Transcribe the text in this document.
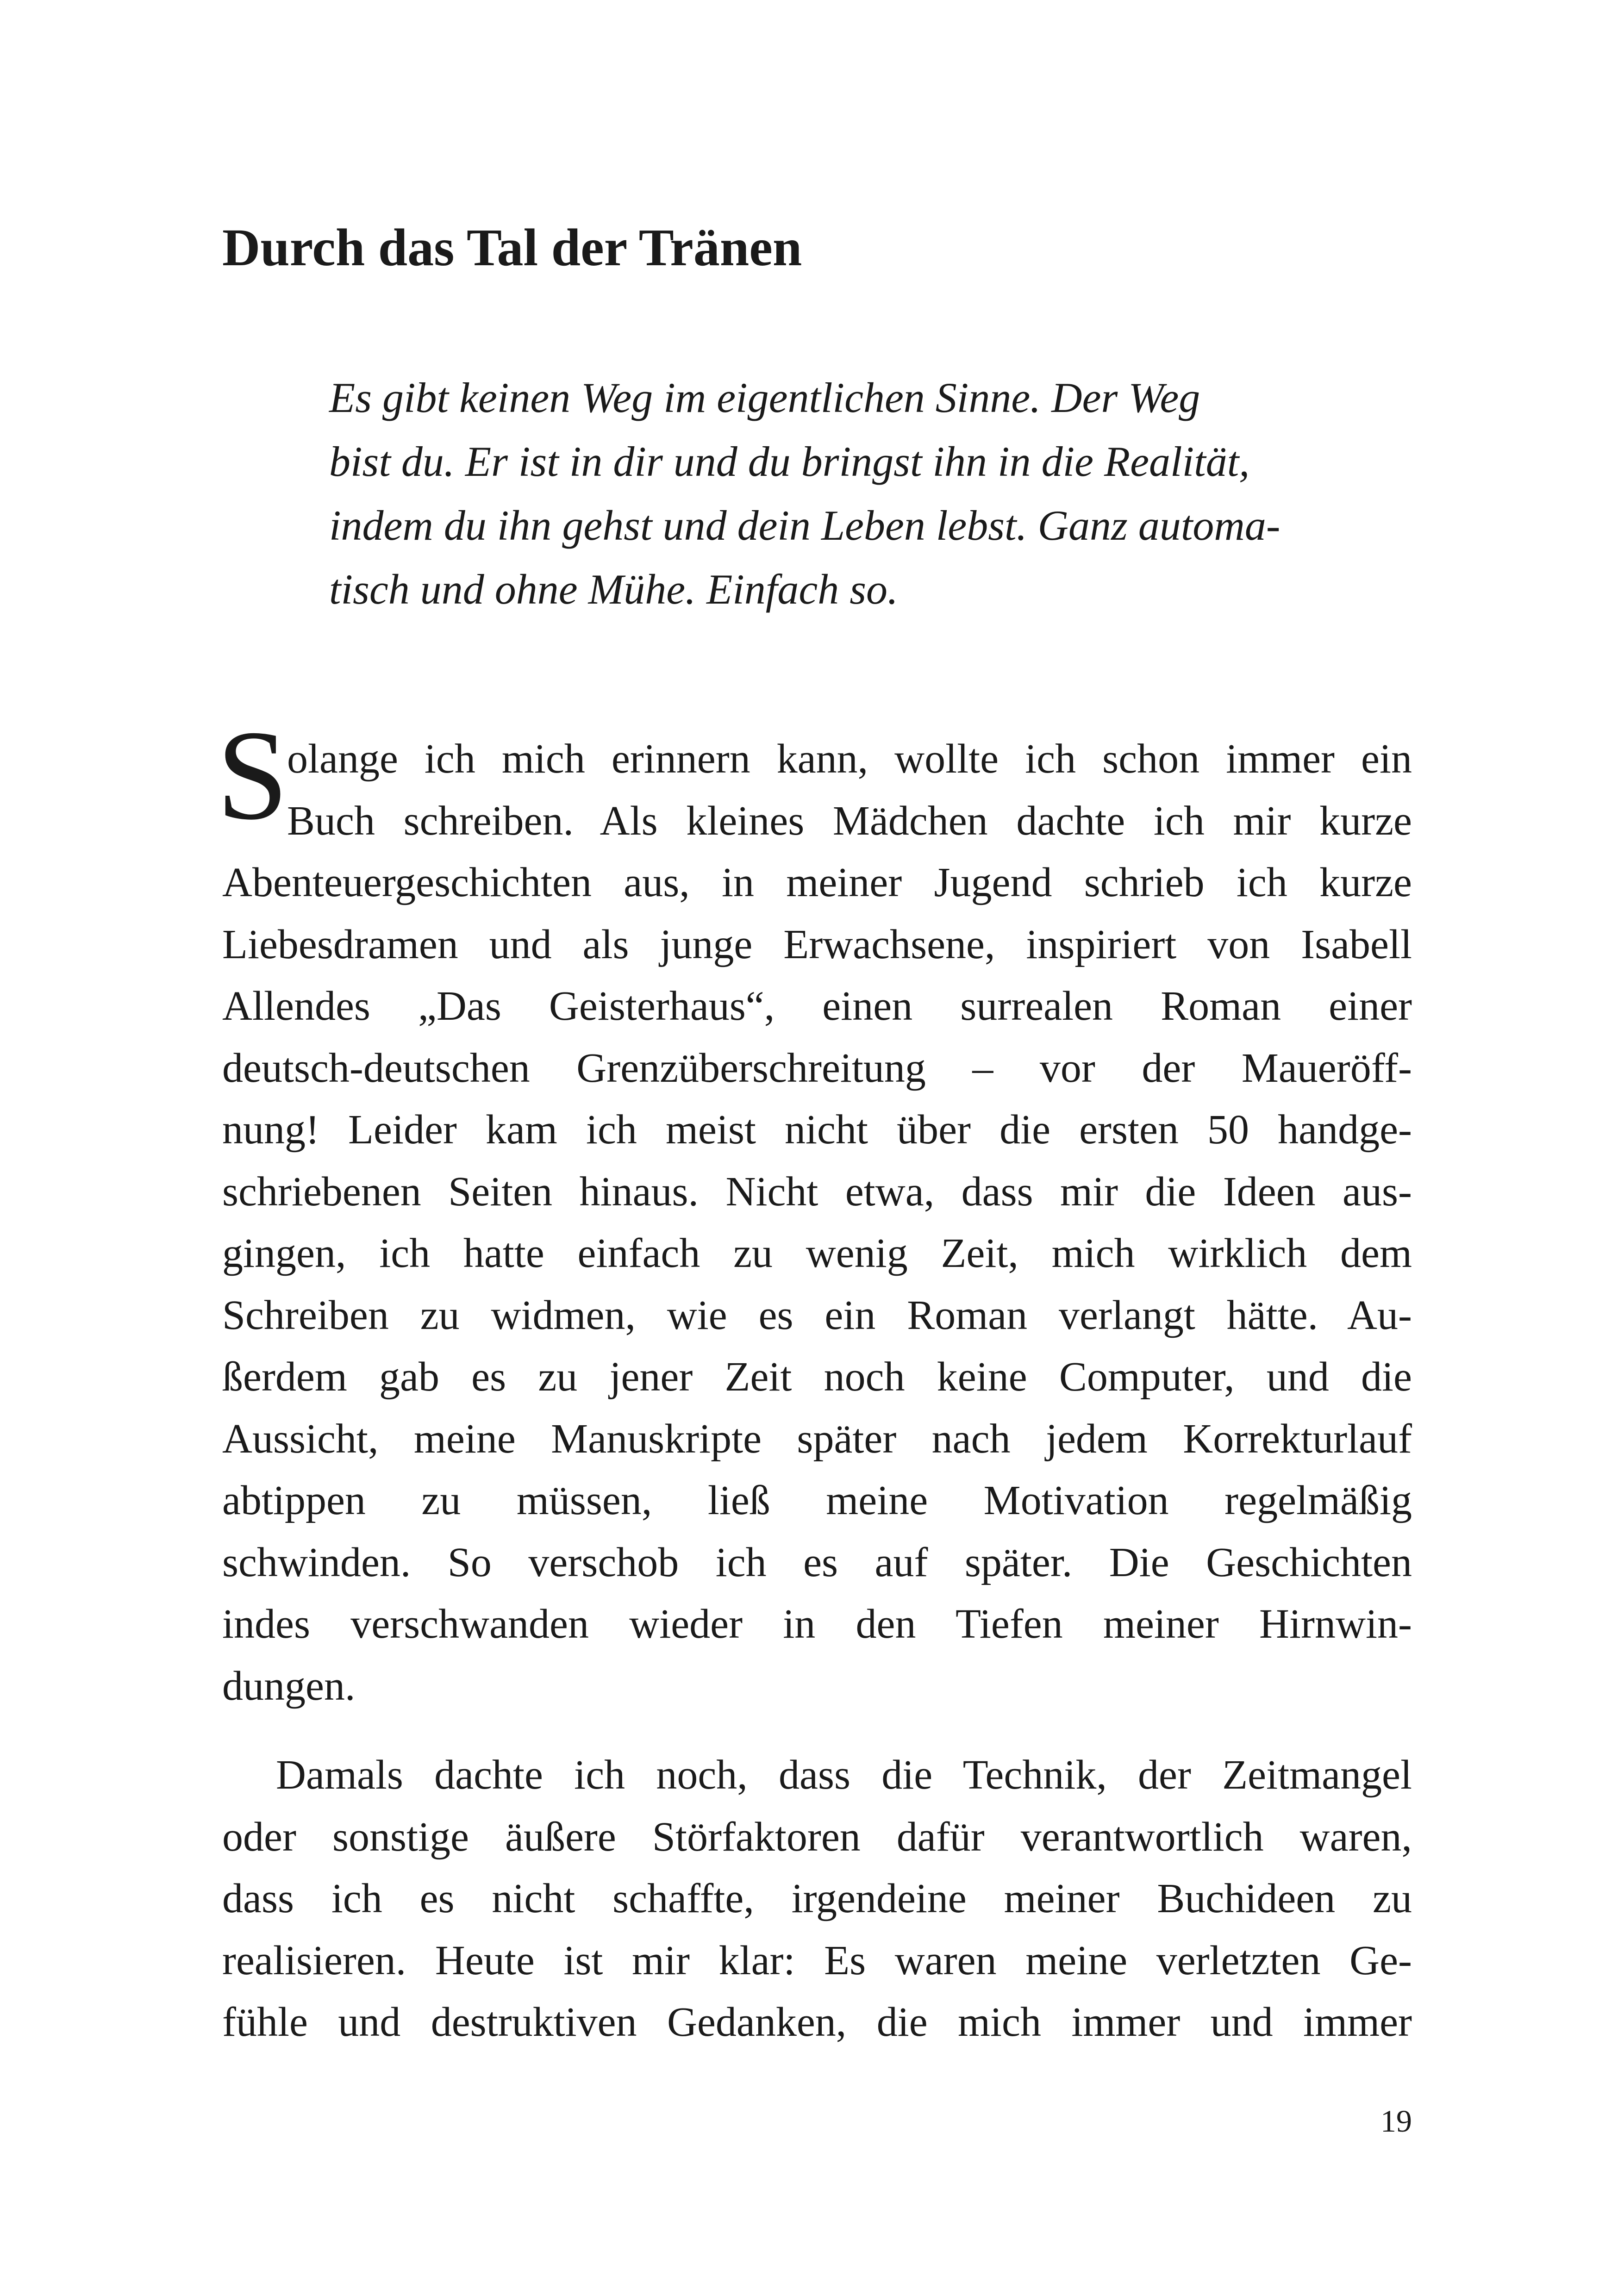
Durch das Tal der Tränen
Es gibt keinen Weg im eigentlichen Sinne. Der Weg
bist du. Er ist in dir und du bringst ihn in die Realität,
indem du ihn gehst und dein Leben lebst. Ganz automa-
tisch und ohne Mühe. Einfach so.
S
olange ich mich erinnern kann, wollte ich schon immer ein
Buch schreiben. Als kleines Mädchen dachte ich mir kurze
Abenteuergeschichten aus, in meiner Jugend schrieb ich kurze
Liebesdramen und als junge Erwachsene, inspiriert von Isabell
Allendes „Das Geisterhaus“, einen surrealen Roman einer
deutsch-deutschen Grenzüberschreitung – vor der Maueröff-
nung! Leider kam ich meist nicht über die ersten 50 handge-
schriebenen Seiten hinaus. Nicht etwa, dass mir die Ideen aus-
gingen, ich hatte einfach zu wenig Zeit, mich wirklich dem
Schreiben zu widmen, wie es ein Roman verlangt hätte. Au-
ßerdem gab es zu jener Zeit noch keine Computer, und die
Aussicht, meine Manuskripte später nach jedem Korrekturlauf
abtippen zu müssen, ließ meine Motivation regelmäßig
schwinden. So verschob ich es auf später. Die Geschichten
indes verschwanden wieder in den Tiefen meiner Hirnwin-
dungen.
Damals dachte ich noch, dass die Technik, der Zeitmangel
oder sonstige äußere Störfaktoren dafür verantwortlich waren,
dass ich es nicht schaffte, irgendeine meiner Buchideen zu
realisieren. Heute ist mir klar: Es waren meine verletzten Ge-
fühle und destruktiven Gedanken, die mich immer und immer
19
